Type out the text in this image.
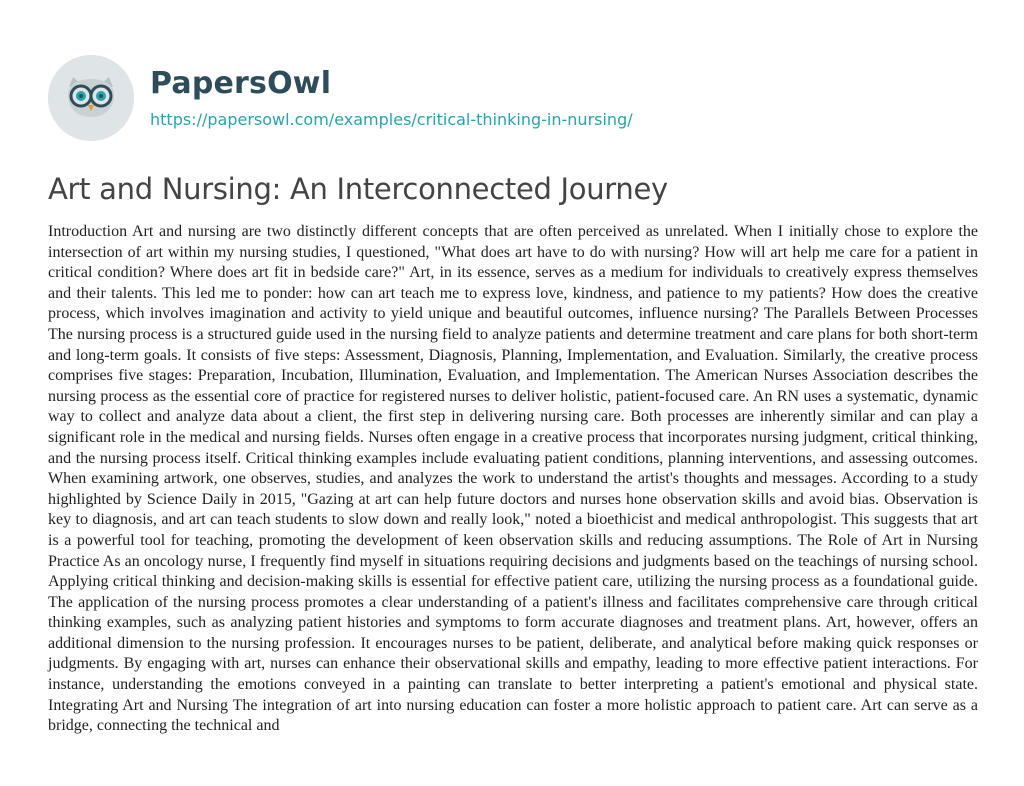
PapersOwl
https://papersowl.com/examples/critical-thinking-in-nursing/
Art and Nursing: An Interconnected Journey

Introduction Art and nursing are two distinctly different concepts that are often perceived as unrelated. When I initially chose to explore the intersection of art within my nursing studies, I questioned, "What does art have to do with nursing? How will art help me care for a patient in critical condition? Where does art fit in bedside care?" Art, in its essence, serves as a medium for individuals to creatively express themselves and their talents. This led me to ponder: how can art teach me to express love, kindness, and patience to my patients? How does the creative process, which involves imagination and activity to yield unique and beautiful outcomes, influence nursing? The Parallels Between Processes The nursing process is a structured guide used in the nursing field to analyze patients and determine treatment and care plans for both short-term and long-term goals. It consists of five steps: Assessment, Diagnosis, Planning, Implementation, and Evaluation. Similarly, the creative process comprises five stages: Preparation, Incubation, Illumination, Evaluation, and Implementation. The American Nurses Association describes the nursing process as the essential core of practice for registered nurses to deliver holistic, patient-focused care. An RN uses a systematic, dynamic way to collect and analyze data about a client, the first step in delivering nursing care. Both processes are inherently similar and can play a significant role in the medical and nursing fields. Nurses often engage in a creative process that incorporates nursing judgment, critical thinking, and the nursing process itself. Critical thinking examples include evaluating patient conditions, planning interventions, and assessing outcomes. When examining artwork, one observes, studies, and analyzes the work to understand the artist's thoughts and messages. According to a study highlighted by Science Daily in 2015, "Gazing at art can help future doctors and nurses hone observation skills and avoid bias. Observation is key to diagnosis, and art can teach students to slow down and really look," noted a bioethicist and medical anthropologist. This suggests that art is a powerful tool for teaching, promoting the development of keen observation skills and reducing assumptions. The Role of Art in Nursing Practice As an oncology nurse, I frequently find myself in situations requiring decisions and judgments based on the teachings of nursing school. Applying critical thinking and decision-making skills is essential for effective patient care, utilizing the nursing process as a foundational guide. The application of the nursing process promotes a clear understanding of a patient's illness and facilitates comprehensive care through critical thinking examples, such as analyzing patient histories and symptoms to form accurate diagnoses and treatment plans. Art, however, offers an additional dimension to the nursing profession. It encourages nurses to be patient, deliberate, and analytical before making quick responses or judgments. By engaging with art, nurses can enhance their observational skills and empathy, leading to more effective patient interactions. For instance, understanding the emotions conveyed in a painting can translate to better interpreting a patient's emotional and physical state. Integrating Art and Nursing The integration of art into nursing education can foster a more holistic approach to patient care. Art can serve as a bridge, connecting the technical and
